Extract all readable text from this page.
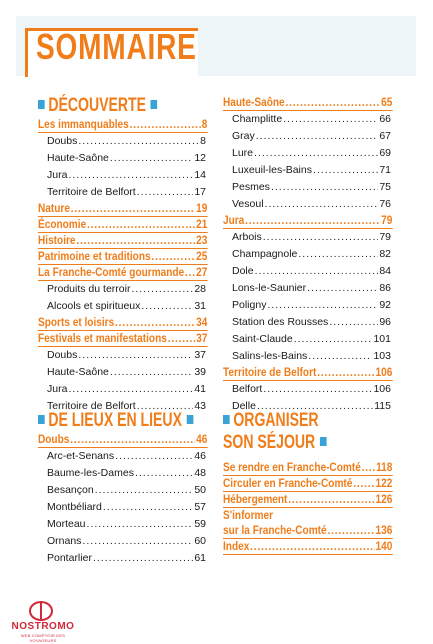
SOMMAIRE
DÉCOUVERTE
Les immanquables .....	8
Doubs .....	8
Haute-Saône .....	12
Jura .....	14
Territoire de Belfort .....	17
Nature .....	19
Économie .....	21
Histoire .....	23
Patrimoine et traditions .....	25
La Franche-Comté gourmande ..... 27
Produits du terroir .....	28
Alcools et spiritueux .....	31
Sports et loisirs .....	34
Festivals et manifestations ..... 37
Doubs .....	37
Haute-Saône .....	39
Jura .....	41
Territoire de Belfort .....	43
Haute-Saône .....	65
Champlitte .....	66
Gray .....	67
Lure .....	69
Luxeuil-les-Bains .....	71
Pesmes .....	75
Vesoul .....	76
Jura .....	79
Arbois .....	79
Champagnole .....	82
Dole .....	84
Lons-le-Saunier .....	86
Poligny .....	92
Station des Rousses .....	96
Saint-Claude .....	101
Salins-les-Bains .....	103
Territoire de Belfort .....	106
Belfort .....	106
Delle .....	115
DE LIEUX EN LIEUX
Doubs .....	46
Arc-et-Senans .....	46
Baume-les-Dames .....	48
Besançon .....	50
Montbéliard .....	57
Morteau .....	59
Ornans .....	60
Pontarlier .....	61
ORGANISER
SON SÉJOUR
Se rendre en Franche-Comté ..... 118
Circuler en Franche-Comté ..... 122
Hébergement .....	126
S'informer
sur la Franche-Comté .....	136
Index .....	140
NOSTROMO
WEB COMPTOIR DES VOYAGEURS
